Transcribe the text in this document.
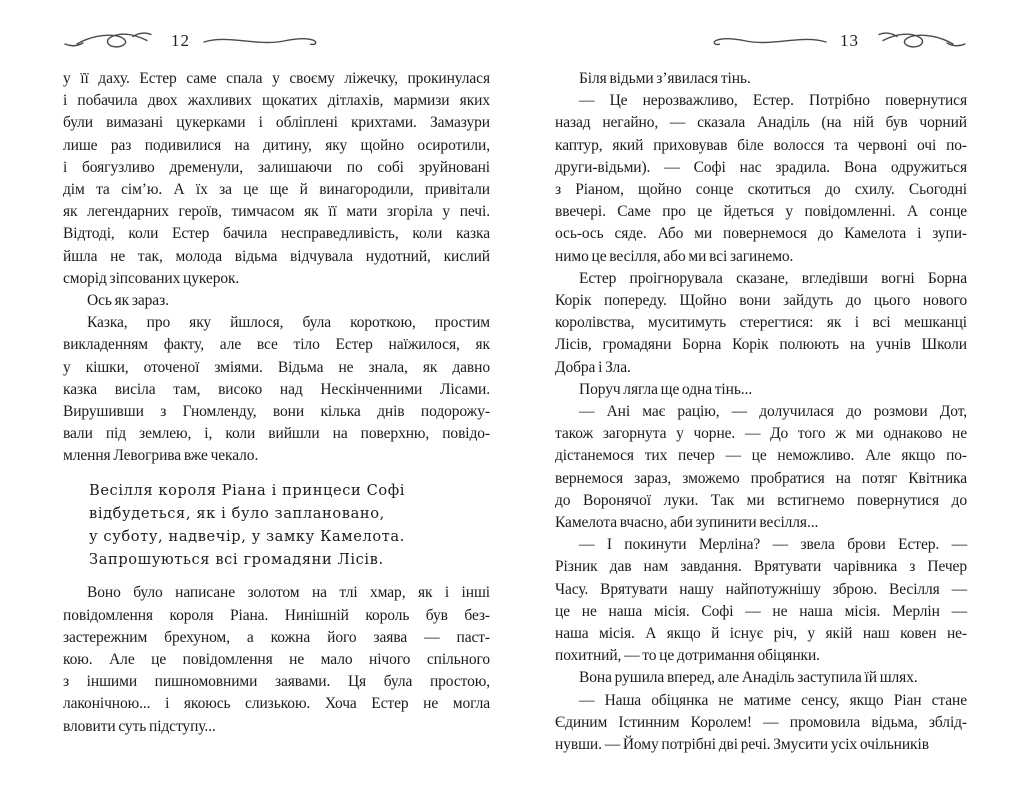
12
у її даху. Естер саме спала у своєму ліжечку, прокинулася
і побачила двох жахливих щокатих дітлахів, мармизи яких
були вимазані цукерками і обліплені крихтами. Замазури
лише раз подивилися на дитину, яку щойно осиротили,
і боягузливо дременули, залишаючи по собі зруйновані
дім та сім’ю. А їх за це ще й винагородили, привітали
як легендарних героїв, тимчасом як її мати згоріла у печі.
Відтоді, коли Естер бачила несправедливість, коли казка
йшла не так, молода відьма відчувала нудотний, кислий
сморід зіпсованих цукерок.
Ось як зараз.
Казка, про яку йшлося, була короткою, простим
викладенням факту, але все тіло Естер наїжилося, як
у кішки, оточеної зміями. Відьма не знала, як давно
казка висіла там, високо над Нескінченними Лісами.
Вирушивши з Гномленду, вони кілька днів подорожу-
вали під землею, і, коли вийшли на поверхню, повідо-
млення Левогрива вже чекало.
Весілля короля Ріана і принцеси Софі
відбудеться, як і було заплановано,
у суботу, надвечір, у замку Камелота.
Запрошуються всі громадяни Лісів.
Воно було написане золотом на тлі хмар, як і інші
повідомлення короля Ріана. Нинішній король був без-
застережним брехуном, а кожна його заява — паст-
кою. Але це повідомлення не мало нічого спільного
з іншими пишномовними заявами. Ця була простою,
лаконічною... і якоюсь слизькою. Хоча Естер не могла
вловити суть підступу...
13
Біля відьми з’явилася тінь.
— Це нерозважливо, Естер. Потрібно повернутися
назад негайно, — сказала Анаділь (на ній був чорний
каптур, який приховував біле волосся та червоні очі по-
други-відьми). — Софі нас зрадила. Вона одружиться
з Ріаном, щойно сонце скотиться до схилу. Сьогодні
ввечері. Саме про це йдеться у повідомленні. А сонце
ось-ось сяде. Або ми повернемося до Камелота і зупи-
нимо це весілля, або ми всі загинемо.
Естер проігнорувала сказане, вгледівши вогні Борна
Корік попереду. Щойно вони зайдуть до цього нового
королівства, муситимуть стерегтися: як і всі мешканці
Лісів, громадяни Борна Корік полюють на учнів Школи
Добра і Зла.
Поруч лягла ще одна тінь...
— Ані має рацію, — долучилася до розмови Дот,
також загорнута у чорне. — До того ж ми однаково не
дістанемося тих печер — це неможливо. Але якщо по-
вернемося зараз, зможемо пробратися на потяг Квітника
до Воронячої луки. Так ми встигнемо повернутися до
Камелота вчасно, аби зупинити весілля...
— І покинути Мерліна? — звела брови Естер. —
Різник дав нам завдання. Врятувати чарівника з Печер
Часу. Врятувати нашу найпотужнішу зброю. Весілля —
це не наша місія. Софі — не наша місія. Мерлін —
наша місія. А якщо й існує річ, у якій наш ковен не-
похитний, — то це дотримання обіцянки.
Вона рушила вперед, але Анаділь заступила їй шлях.
— Наша обіцянка не матиме сенсу, якщо Ріан стане
Єдиним Істинним Королем! — промовила відьма, зблід-
нувши. — Йому потрібні дві речі. Змусити усіх очільників
